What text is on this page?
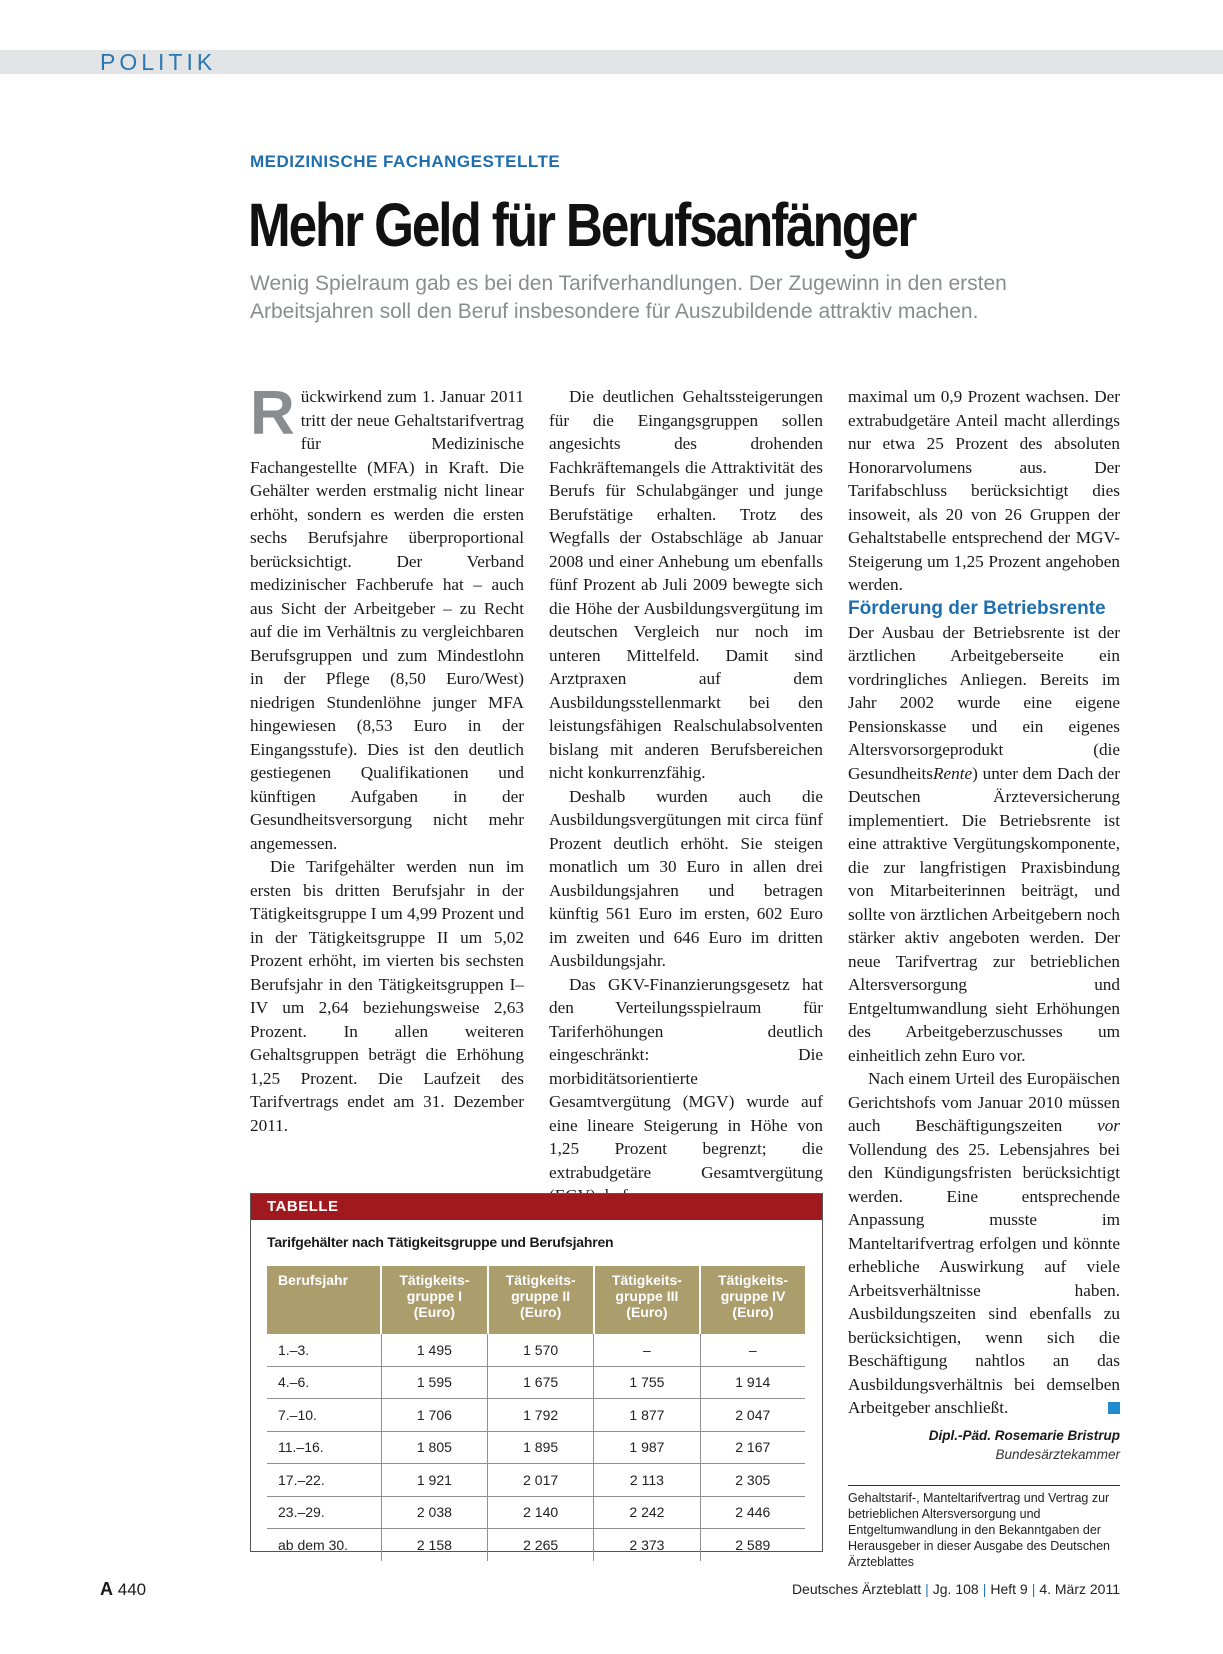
POLITIK
MEDIZINISCHE FACHANGESTELLTE
Mehr Geld für Berufsanfänger
Wenig Spielraum gab es bei den Tarifverhandlungen. Der Zugewinn in den ersten Arbeitsjahren soll den Beruf insbesondere für Auszubildende attraktiv machen.

Rückwirkend zum 1. Januar 2011 tritt der neue Gehaltstarifvertrag für Medizinische Fachangestellte (MFA) in Kraft. Die Gehälter werden erstmalig nicht linear erhöht, sondern es werden die ersten sechs Berufsjahre überproportional berücksichtigt. Der Verband medizinischer Fachberufe hat – auch aus Sicht der Arbeitgeber – zu Recht auf die im Verhältnis zu vergleichbaren Berufsgruppen und zum Mindestlohn in der Pflege (8,50 Euro/West) niedrigen Stundenlöhne junger MFA hingewiesen (8,53 Euro in der Eingangsstufe). Dies ist den deutlich gestiegenen Qualifikationen und künftigen Aufgaben in der Gesundheitsversorgung nicht mehr angemessen.

Die Tarifgehälter werden nun im ersten bis dritten Berufsjahr in der Tätigkeitsgruppe I um 4,99 Prozent und in der Tätigkeitsgruppe II um 5,02 Prozent erhöht, im vierten bis sechsten Berufsjahr in den Tätigkeitsgruppen I–IV um 2,64 beziehungsweise 2,63 Prozent. In allen weiteren Gehaltsgruppen beträgt die Erhöhung 1,25 Prozent. Die Laufzeit des Tarifvertrags endet am 31. Dezember 2011.

Die deutlichen Gehaltssteigerungen für die Eingangsgruppen sollen angesichts des drohenden Fachkräftemangels die Attraktivität des Berufs für Schulabgänger und junge Berufstätige erhalten. Trotz des Wegfalls der Ostabschläge ab Januar 2008 und einer Anhebung um ebenfalls fünf Prozent ab Juli 2009 bewegte sich die Höhe der Ausbildungsvergütung im deutschen Vergleich nur noch im unteren Mittelfeld. Damit sind Arztpraxen auf dem Ausbildungsstellenmarkt bei den leistungsfähigen Realschulabsolventen bislang mit anderen Berufsbereichen nicht konkurrenzfähig.

Deshalb wurden auch die Ausbildungsvergütungen mit circa fünf Prozent deutlich erhöht. Sie steigen monatlich um 30 Euro in allen drei Ausbildungsjahren und betragen künftig 561 Euro im ersten, 602 Euro im zweiten und 646 Euro im dritten Ausbildungsjahr.

Das GKV-Finanzierungsgesetz hat den Verteilungsspielraum für Tariferhöhungen deutlich eingeschränkt: Die morbiditätsorientierte Gesamtvergütung (MGV) wurde auf eine lineare Steigerung in Höhe von 1,25 Prozent begrenzt; die extrabudgetäre Gesamtvergütung

maximal um 0,9 Prozent wachsen. Der extrabudgetäre Anteil macht allerdings nur etwa 25 Prozent des absoluten Honorarvolumens aus. Der Tarifabschluss berücksichtigt dies insoweit, als 20 von 26 Gruppen der Gehaltstabelle entsprechend der MGV-Steigerung um 1,25 Prozent angehoben werden.

Förderung der Betriebsrente

Der Ausbau der Betriebsrente ist der ärztlichen Arbeitgeberseite ein vordringliches Anliegen. Bereits im Jahr 2002 wurde eine eigene Pensionskasse und ein eigenes Altersvorsorgeprodukt (die GesundheitsRente) unter dem Dach der Deutschen Ärzteversicherung implementiert. Die Betriebsrente ist eine attraktive Vergütungskomponente, die zur langfristigen Praxisbindung von Mitarbeiterinnen beiträgt, und sollte von ärztlichen Arbeitgebern noch stärker aktiv angeboten werden. Der neue Tarifvertrag zur betrieblichen Altersversorgung und Entgeltumwandlung sieht Erhöhungen des Arbeitgeberzuschusses um einheitlich zehn Euro vor.

Nach einem Urteil des Europäischen Gerichtshofs vom Januar 2010 müssen auch Beschäftigungszeiten vor Vollendung des 25. Lebensjahres bei den Kündigungsfristen berücksichtigt werden. Eine entsprechende Anpassung musste im Manteltarifvertrag erfolgen und könnte erhebliche Auswirkung auf viele Arbeitsverhältnisse haben. Ausbildungszeiten sind ebenfalls zu berücksichtigen, wenn sich die Beschäftigung nahtlos an das Ausbildungsverhältnis bei demselben Arbeitgeber anschließt.

Dipl.-Päd. Rosemarie Bristrup
Bundesärztekammer
Gehaltstarif-, Manteltarifvertrag und Vertrag zur betrieblichen Altersversorgung und Entgeltumwandlung in den Bekanntgaben der Herausgeber in dieser Ausgabe des Deutschen Ärzteblattes
TABELLE
Tarifgehälter nach Tätigkeitsgruppe und Berufsjahren
Berufsjahr	Tätigkeits-
gruppe I
(Euro)	Tätigkeits-
gruppe II
(Euro)	Tätigkeits-
gruppe III
(Euro)	Tätigkeits-
gruppe IV
(Euro)
1.–3.	1 495	1 570	–	–
4.–6.	1 595	1 675	1 755	1 914
7.–10.	1 706	1 792	1 877	2 047
11.–16.	1 805	1 895	1 987	2 167
17.–22.	1 921	2 017	2 113	2 305
23.–29.	2 038	2 140	2 242	2 446
ab dem 30.	2 158	2 265	2 373	2 589
A 440	Deutsches Ärzteblatt | Jg. 108 | Heft 9 | 4. März 2011
